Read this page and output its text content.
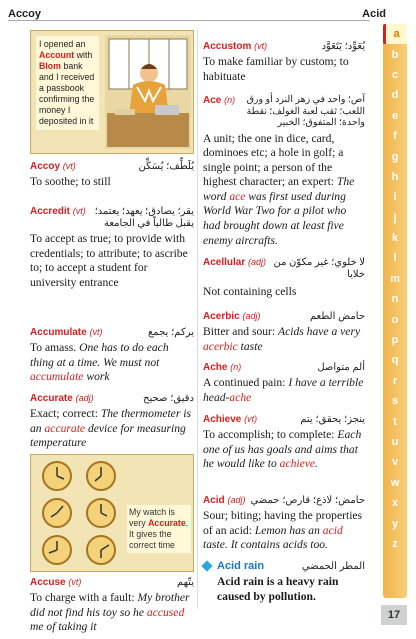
Accoy	Acid
I opened an Account with Blom bank and I received a passbook confirming the money I deposited in it
Accoy (vt)	يُلَطِّف؛ يُسَكِّن
To soothe; to still
Accredit (vt) يقر؛ يصادق؛ يعهد؛ يعتمد؛ يقبل طالباً في الجامعة
To accept as true; to provide with credentials; to attribute; to ascribe to; to accept a student for university entrance
Accumulate (vt)	يركم؛ يجمع
To amass. One has to do each thing at a time. We must not accumulate work
Accurate (adj)	دقيق؛ صحيح
Exact; correct: The thermometer is an accurate device for measuring temperature
My watch is very Accurate. It gives the correct time
Accuse (vt)	يتّهم
To charge with a fault: My brother did not find his toy so he accused me of taking it
Accustom (vt)	يُعَوِّد؛ يَتَعَوَّد
To make familiar by custom; to habituate
Ace (n)	آص؛ واحد في زهر النرد أو ورق اللعب؛ ثقب لعبة الغولف؛ نقطة واحدة؛ المتفوق؛ الخبير
A unit; the one in dice, card, dominoes etc; a hole in golf; a single point; a person of the highest character; an expert: The word ace was first used during World War Two for a pilot who had brought down at least five enemy aircrafts.
Acellular (adj) لا خلوي؛ غير مكوّن من خلايا
Not containing cells
Acerbic (adj)	حامض الطعم
Bitter and sour: Acids have a very acerbic taste
Ache (n)	ألم متواصل
A continued pain: I have a terrible head-ache
Achieve (vt)	ينجز؛ يحقق؛ يتم
To accomplish; to complete: Each one of us has goals and aims that he would like to achieve.
Acid (adj) حامض؛ لاذع؛ قارص؛ حمضي
Sour; biting; having the properties of an acid: Lemon has an acid taste. It contains acids too.
Acid rain	المطر الحمضي
Acid rain is a heavy rain caused by pollution.
a
b
c
d
e
f
g
h
i
j
k
l
m
n
o
p
q
r
s
t
u
v
w
x
y
z
17
